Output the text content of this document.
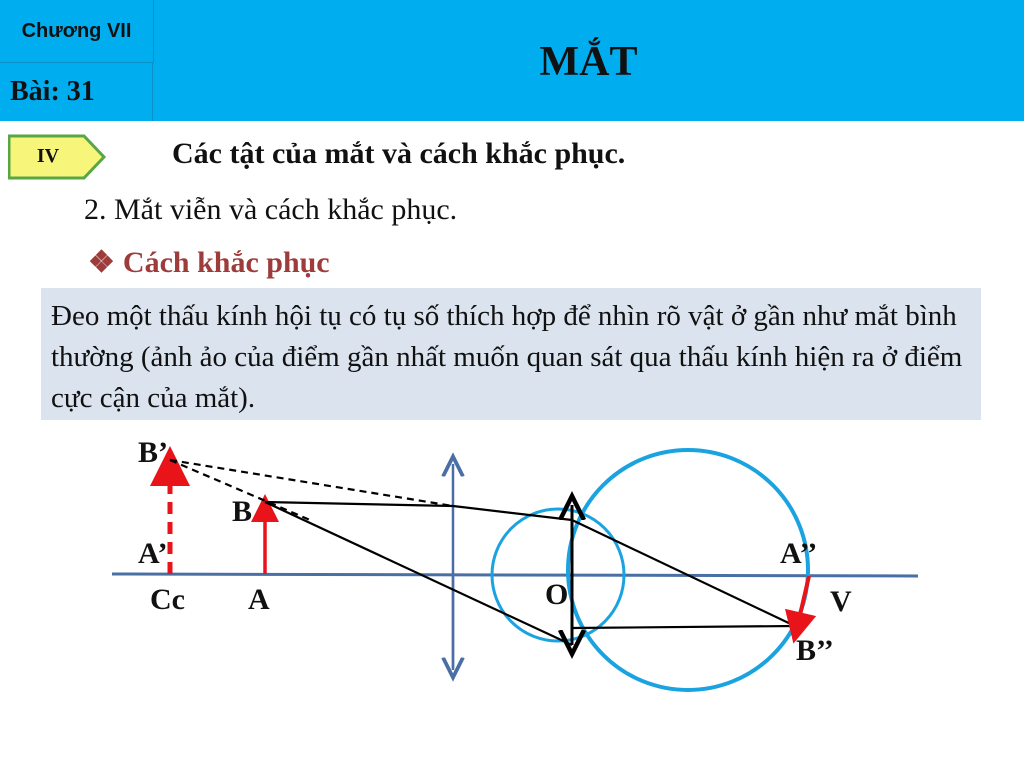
Chương VII
Bài: 31
MẮT
IV	Các tật của mắt và cách khắc phục.
2. Mắt viễn và cách khắc phục.
❖ Cách khắc phục
Đeo một thấu kính hội tụ có tụ số thích hợp để nhìn rõ vật ở gần như mắt bình thường (ảnh ảo của điểm gần nhất muốn quan sát qua thấu kính hiện ra ở điểm cực cận của mắt).
B’
B
A’
Cc A	O
A’’
V
B’’
